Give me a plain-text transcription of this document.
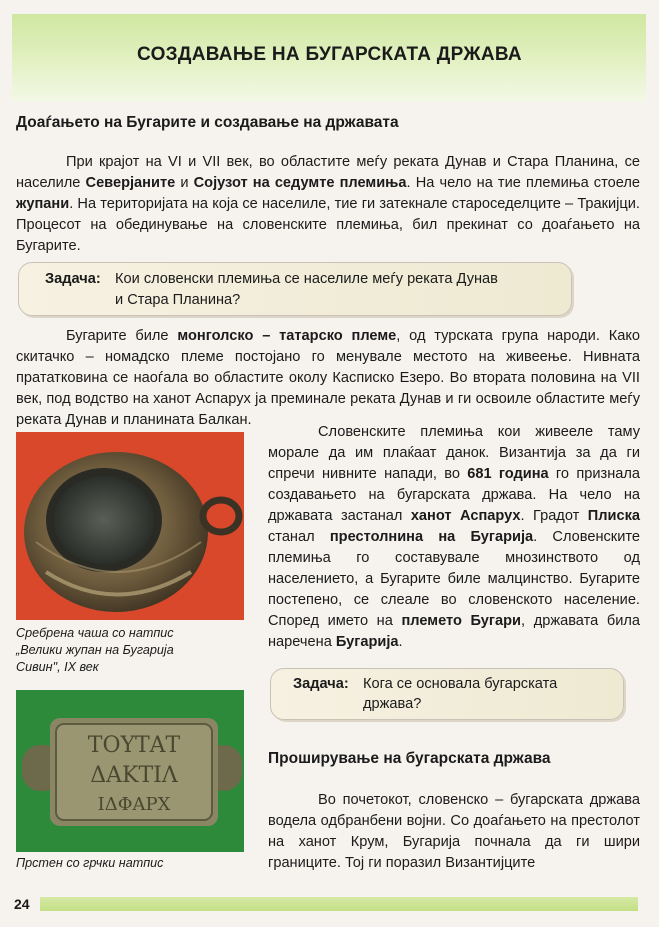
СОЗДАВАЊЕ НА БУГАРСКАТА ДРЖАВА
Доаѓањето на Бугарите и создавање на државата
При крајот на VI и VII век, во областите меѓу реката Дунав и Стара Планина, се населиле Северјаните и Сојузот на седумте племиња. На чело на тие племиња стоеле жупани. На територијата на која се населиле, тие ги затекнале староседелците – Тракијци. Процесот на обединување на словенските племиња, бил прекинат со доаѓањето на Бугарите.
Задача: Кои словенски племиња се населиле меѓу реката Дунав
и Стара Планина?
Бугарите биле монголско – татарско племе, од турската група народи. Како скитачко – номадско племе постојано го менувале местото на живеење. Нивната прататковина се наоѓала во областите околу Касписко Езеро. Во втората половина на VII век, под водство на ханот Аспарух ја преминале реката Дунав и ги освоиле областите меѓу реката Дунав и планината Балкан.
Сребрена чаша со натпис
„Велики жупан на Бугарија
Сивин", IX век
Словенските племиња кои живееле таму морале да им плаќаат данок. Византија за да ги спречи нивните напади, во 681 година го признала создавањето на бугарската држава. На чело на државата застанал ханот Аспарух. Градот Плиска станал престолнина на Бугарија. Словенските племиња го составувале мнозинството од населението, а Бугарите биле малцинство. Бугарите постепено, се слеале во словенското население. Според името на племето Бугари, државата била наречена Бугарија.
Задача: Кога се основала бугарската
држава?
ΤΟΥΤΑΤ
ΔΑΚΤΙΛ
ΙΔΦΑΡΧ
Прстен со грчки натпис
Проширување на бугарската држава
Во почетокот, словенско – бугарската држава водела одбранбени војни. Со доаѓањето на престолот на ханот Крум, Бугарија почнала да ги шири границите. Тој ги поразил Византијците
24
